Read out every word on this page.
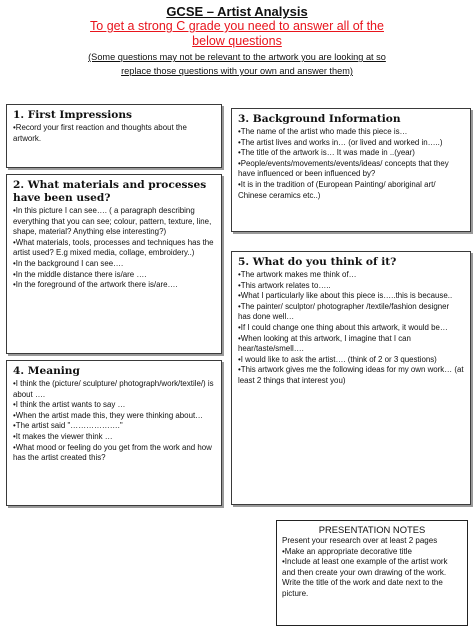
GCSE – Artist Analysis
To get a strong C grade you need to answer all of the
below questions
(Some questions may not be relevant to the artwork you are looking at so
replace those questions with your own and answer them)
1. First Impressions
•Record your first reaction and thoughts about the artwork.
2. What materials and processes have been used?
•In this picture I can see…. ( a paragraph describing everything that you can see; colour, pattern, texture, line, shape, material? Anything else interesting?)
•What materials, tools, processes and techniques has the artist used? E.g mixed media, collage, embroidery..)
•In the background I can see….
•In the middle distance there is/are ….
•In the foreground of the artwork there is/are….
4. Meaning
•I think the (picture/ sculpture/ photograph/work/textile/) is about ….
•I think the artist wants to say …
•When the artist made this, they were thinking about…
•The artist said "………………."
•It makes the viewer think …
•What mood or feeling do you get from the work and how has the artist created this?
3. Background Information
•The name of the artist who made this piece is…
•The artist lives and works in… (or lived and worked in…..)
•The title of the artwork is… It was made in ..(year)
•People/events/movements/events/ideas/ concepts that they have influenced or been influenced by?
•It is in the tradition of (European Painting/ aboriginal art/ Chinese ceramics etc..)
5. What do you think of it?
•The artwork makes me think of…
•This artwork relates to…..
•What I particularly like about this piece is…..this is because..
•The painter/ sculptor/ photographer /textile/fashion designer has done well…
•If I could change one thing about this artwork, it would be…
•When looking at this artwork, I imagine that I can hear/taste/smell….
•I would like to ask the artist…. (think of 2 or 3 questions)
•This artwork gives me the following ideas for my own work… (at least 2 things that interest you)
PRESENTATION NOTES
Present your research over at least 2 pages
•Make an appropriate decorative title
•Include at least one example of the artist work and then create your own drawing of the work. Write the title of the work and date next to the picture.
